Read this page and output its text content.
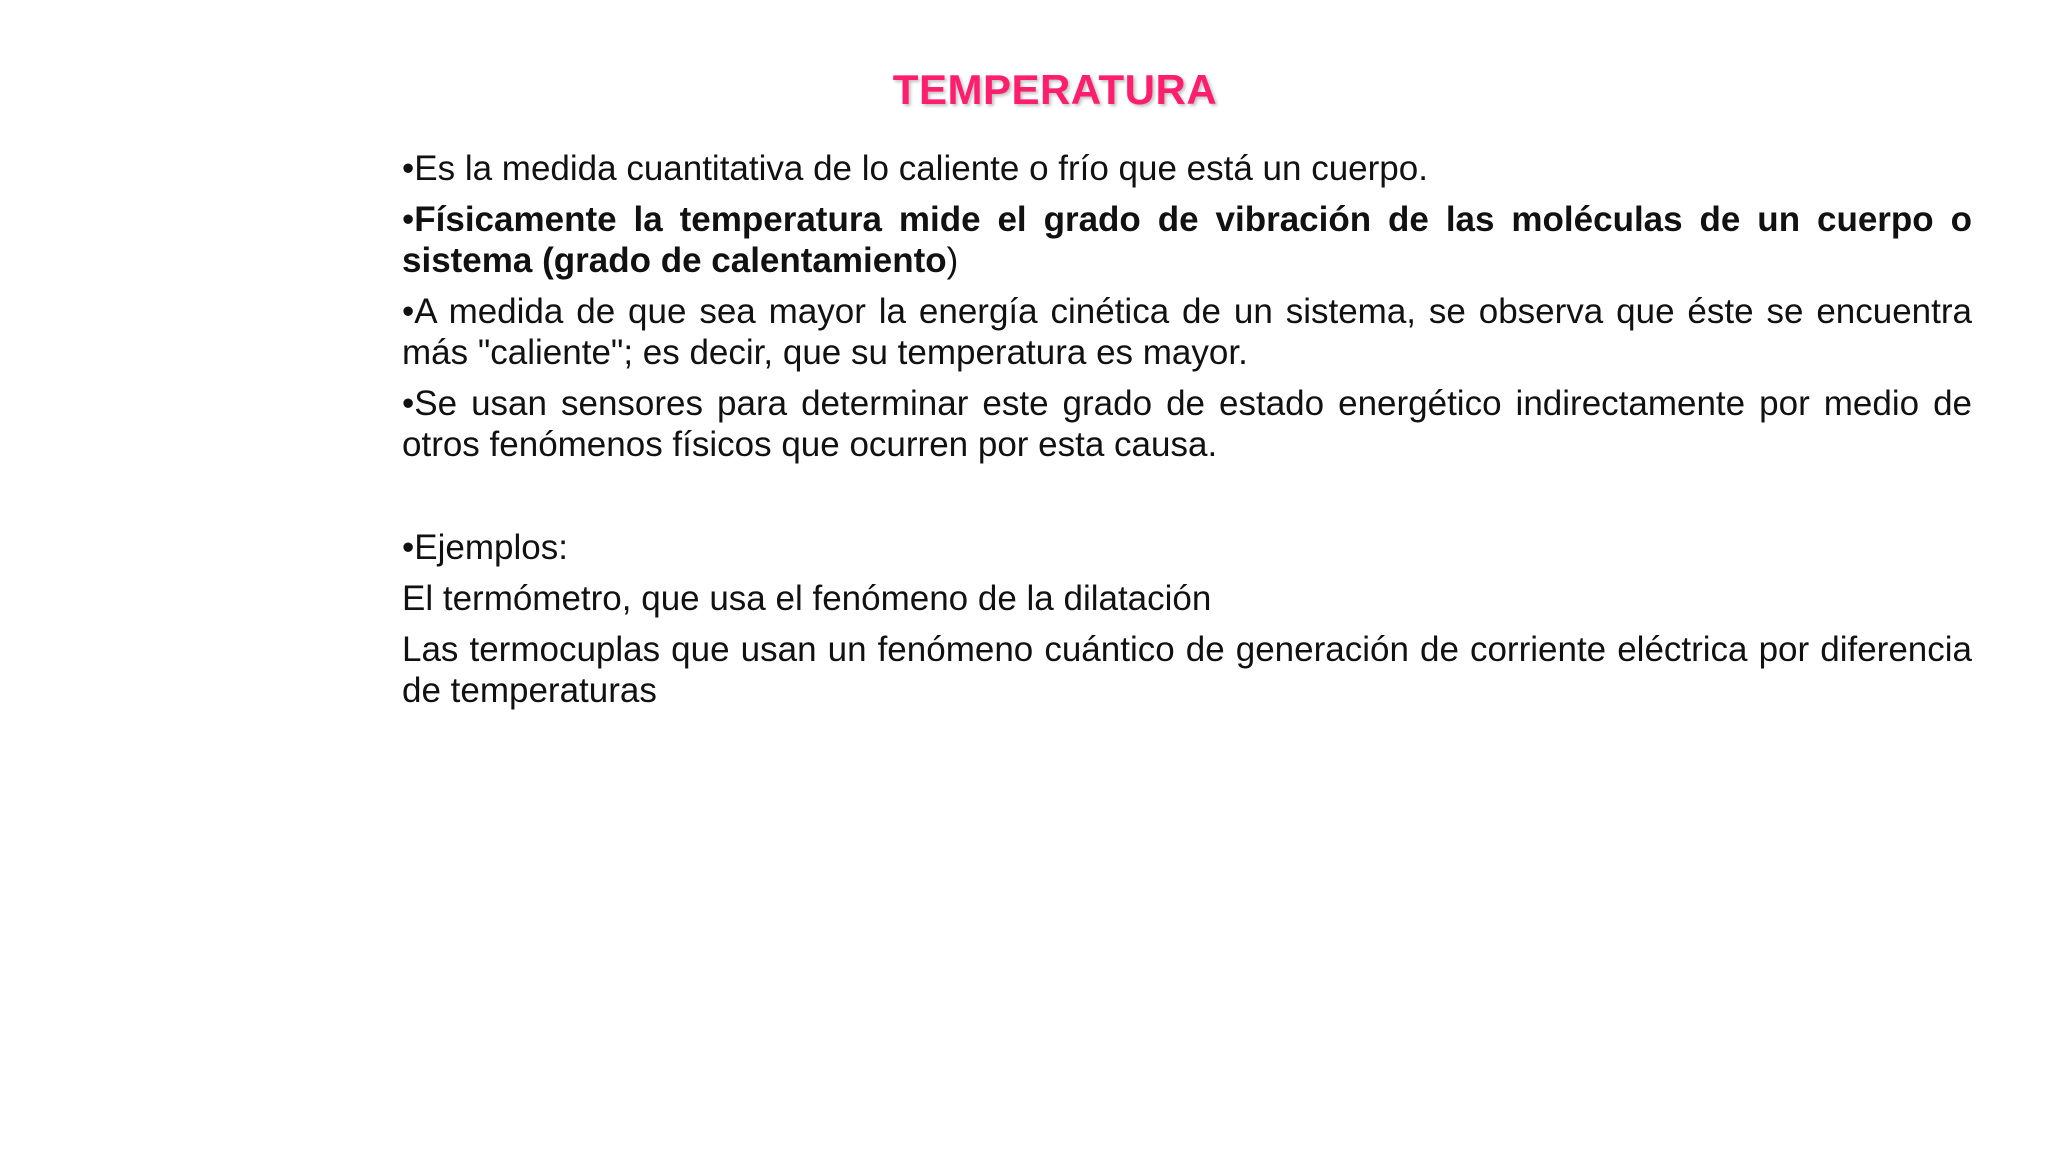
TEMPERATURA

•Es la medida cuantitativa de lo caliente o frío que está un cuerpo.

•Físicamente la temperatura mide el grado de vibración de las moléculas de un cuerpo o sistema (grado de calentamiento)

•A medida de que sea mayor la energía cinética de un sistema, se observa que éste se encuentra más "caliente"; es decir, que su temperatura es mayor.

•Se usan sensores para determinar este grado de estado energético indirectamente por medio de otros fenómenos físicos que ocurren por esta causa.

•Ejemplos:

El termómetro, que usa el fenómeno de la dilatación

Las termocuplas que usan un fenómeno cuántico de generación de corriente eléctrica por diferencia de temperaturas
